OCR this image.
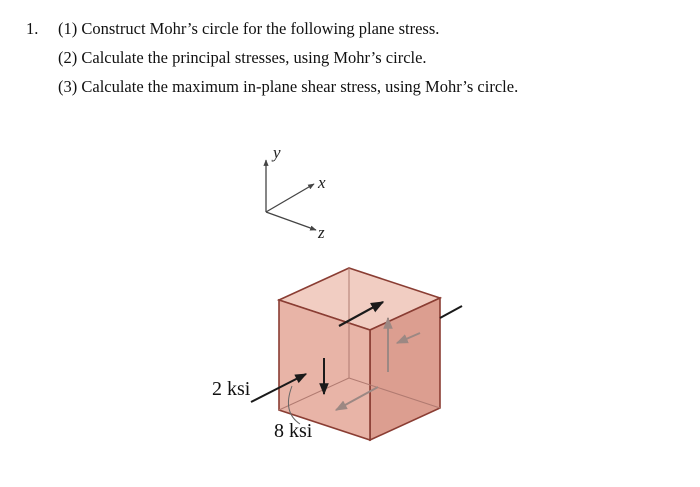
1. (1) Construct Mohr’s circle for the following plane stress.
(2) Calculate the principal stresses, using Mohr’s circle.
(3) Calculate the maximum in-plane shear stress, using Mohr’s circle.
y
x
z
2 ksi
8 ksi
